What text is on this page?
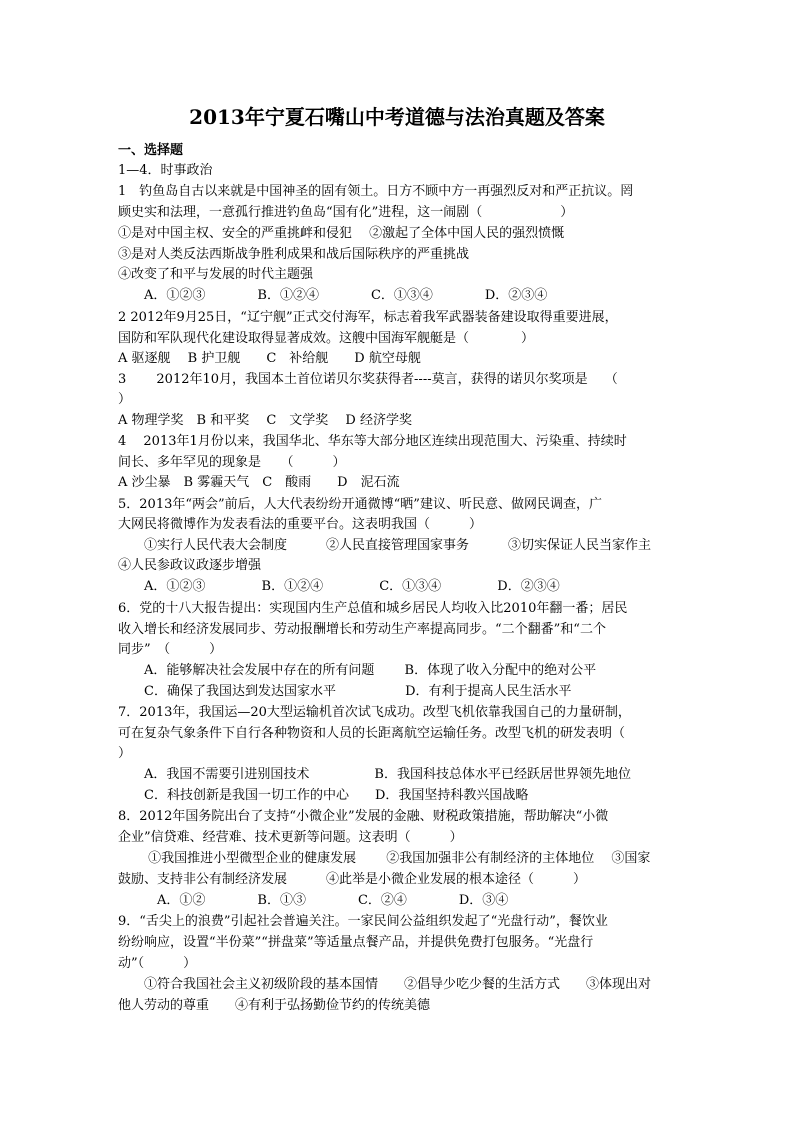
2013年宁夏石嘴山中考道德与法治真题及答案
一、选择题
1—4．时事政治
1　钓鱼岛自古以来就是中国神圣的固有领土。日方不顾中方一再强烈反对和严正抗议。罔
顾史实和法理，一意孤行推进钓鱼岛“国有化”进程，这一闹剧（　　　　　　）
①是对中国主权、安全的严重挑衅和侵犯　 ②激起了全体中国人民的强烈愤慨
③是对人类反法西斯战争胜利成果和战后国际秩序的严重挑战
④改变了和平与发展的时代主题强
　　A．①②③　　　　B．①②④　　　　C．①③④　　　　D．②③④
2 2012年9月25日，“辽宁舰”正式交付海军，标志着我军武器装备建设取得重要进展，
国防和军队现代化建设取得显著成效。这艘中国海军舰艇是（　　　　）
A 驱逐舰　 B 护卫舰　　C　补给舰　　D 航空母舰
3　　 2012年10月，我国本土首位诺贝尔奖获得者----莫言，获得的诺贝尔奖项是　 （
）
A 物理学奖　B 和平奖　 C　文学奖　 D 经济学奖
4　 2013年1月份以来，我国华北、华东等大部分地区连续出现范围大、污染重、持续时
间长、多年罕见的现象是　　（　　　）
A 沙尘暴　B 雾霾天气　C　酸雨　　D　泥石流
5．2013年“两会”前后，人大代表纷纷开通微博“晒”建议、听民意、做网民调查，广
大网民将微博作为发表看法的重要平台。这表明我国（　　　）
　　①实行人民代表大会制度　　　②人民直接管理国家事务　　　③切实保证人民当家作主
④人民参政议政逐步增强
　　A．①②③　　　　 B．①②④　　　　 C．①③④　　　　 D．②③④
6．党的十八大报告提出：实现国内生产总值和城乡居民人均收入比2010年翻一番；居民
收入增长和经济发展同步、劳动报酬增长和劳动生产率提高同步。“二个翻番”和“二个
同步”　（　　　）
　　A．能够解决社会发展中存在的所有问题　　 B．体现了收入分配中的绝对公平
　　C．确保了我国达到发达国家水平　　　　　 D．有利于提高人民生活水平
7．2013年，我国运—20大型运输机首次试飞成功。改型飞机依靠我国自己的力量研制，
可在复杂气象条件下自行各种物资和人员的长距离航空运输任务。改型飞机的研发表明（
）
　　A．我国不需要引进别国技术　　　　　B．我国科技总体水平已经跃居世界领先地位
　　C．科技创新是我国一切工作的中心　　D．我国坚持科教兴国战略
8．2012年国务院出台了支持“小微企业”发展的金融、财税政策措施，帮助解决“小微
企业”信贷难、经营难、技术更新等问题。这表明（　　　）
　　 ①我国推进小型微型企业的健康发展　　 ②我国加强非公有制经济的主体地位　 ③国家
鼓励、支持非公有制经济发展　　　④此举是小微企业发展的根本途径（　　　）
　　　A．①②　　　　B．①③　　　　C．②④　　　　D．③④
9．“舌尖上的浪费”引起社会普遍关注。一家民间公益组织发起了“光盘行动”，餐饮业
纷纷响应，设置“半份菜”“拼盘菜”等适量点餐产品，并提供免费打包服务。“光盘行
动”（　　　）
　　①符合我国社会主义初级阶段的基本国情　　②倡导少吃少餐的生活方式　　③体现出对
他人劳动的尊重　　④有利于弘扬勤俭节约的传统美德
